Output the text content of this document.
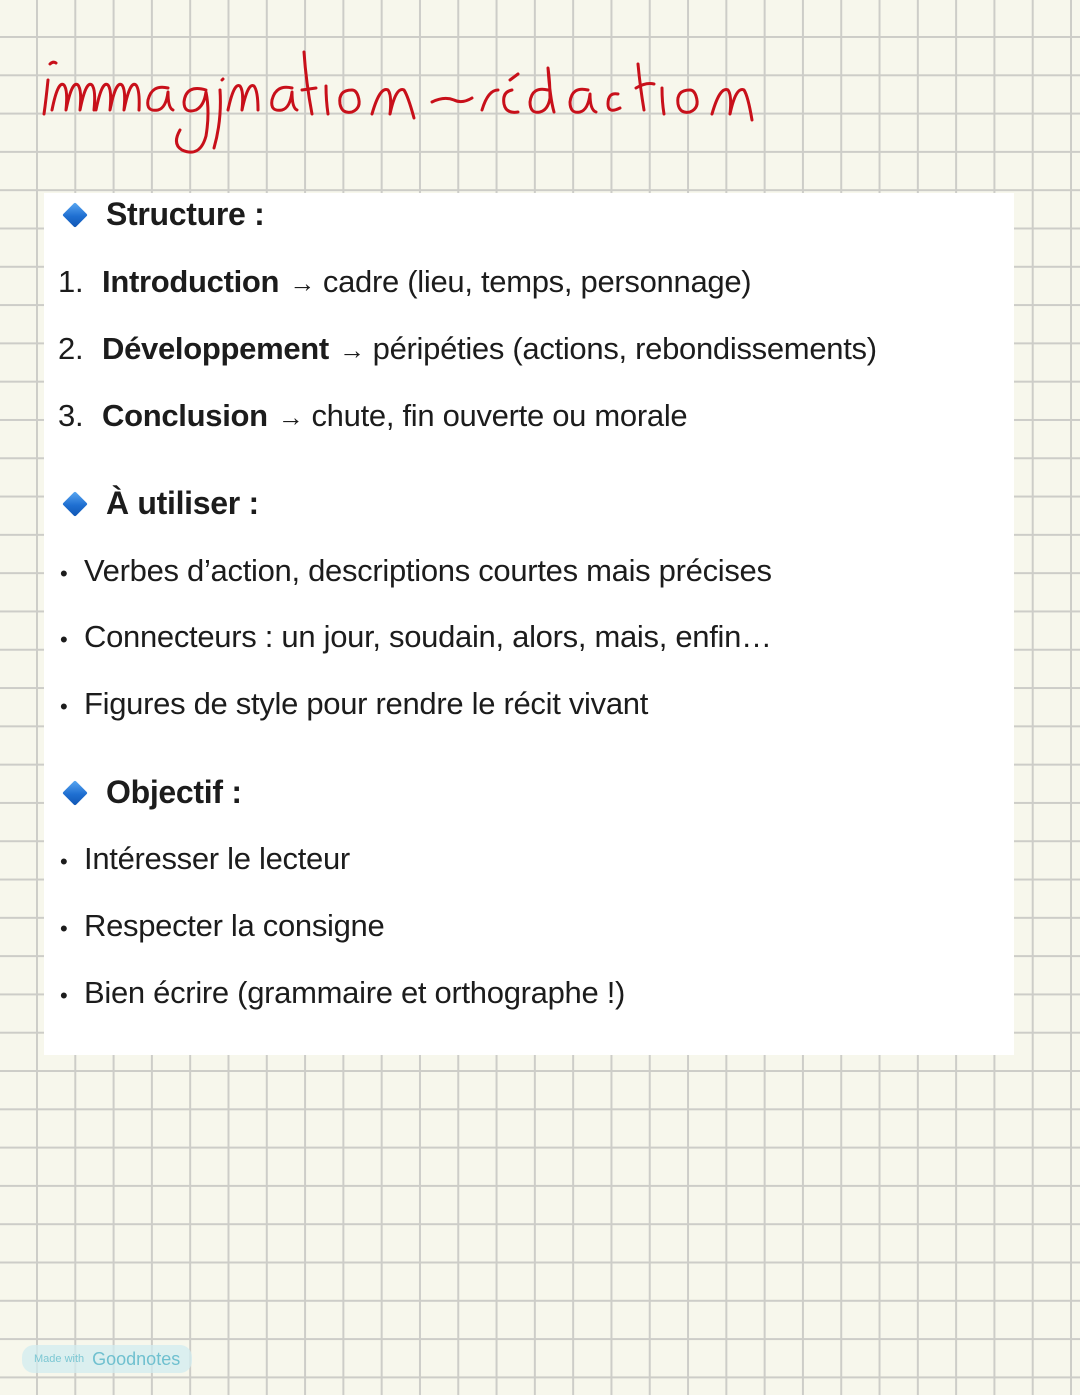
Structure :
1. Introduction → cadre (lieu, temps, personnage)
2. Développement → péripéties (actions, rebondissements)
3. Conclusion → chute, fin ouverte ou morale
À utiliser :
• Verbes d’action, descriptions courtes mais précises
• Connecteurs : un jour, soudain, alors, mais, enfin…
• Figures de style pour rendre le récit vivant
Objectif :
• Intéresser le lecteur
• Respecter la consigne
• Bien écrire (grammaire et orthographe !)
Made with Goodnotes
